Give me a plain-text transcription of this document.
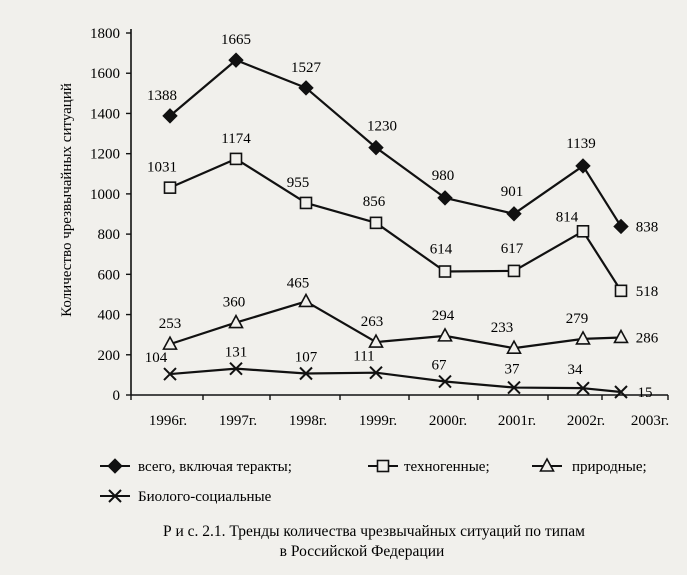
0
200
400
600
800
1000
1200
1400
1600
1800
1996г. 1997г. 1998г. 1999г. 2000г. 2001г. 2002г. 2003г.
Количество чрезвычайных ситуаций	1388
1665
1527
1230
980
901
1139
838
1031
1174
955
856
614	617
814
518
253
360
465
263	294
233
279
286
104	131	107 111
67	37	34
15
всего, включая теракты;	техногенные;	природные;
Биолого-социальные
Р и с. 2.1. Тренды количества чрезвычайных ситуаций по типам
в Российской Федерации
